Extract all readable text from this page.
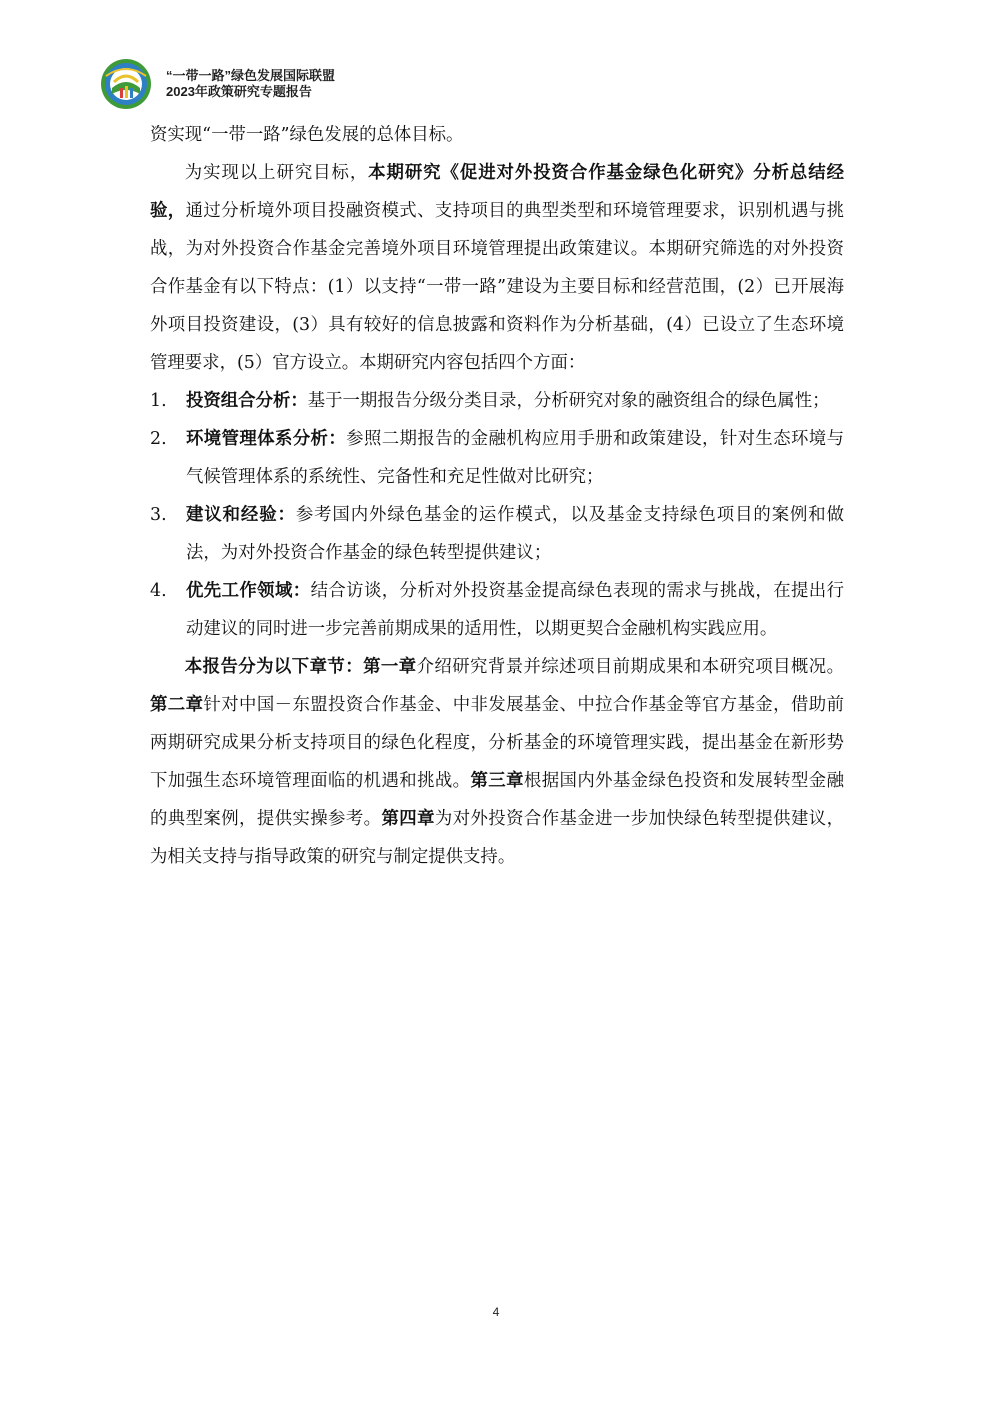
“一带一路”绿色发展国际联盟
2023年政策研究专题报告

资实现“一带一路”绿色发展的总体目标。

为实现以上研究目标，本期研究《促进对外投资合作基金绿色化研究》分析总结经验，通过分析境外项目投融资模式、支持项目的典型类型和环境管理要求，识别机遇与挑战，为对外投资合作基金完善境外项目环境管理提出政策建议。本期研究筛选的对外投资合作基金有以下特点：(1）以支持“一带一路”建设为主要目标和经营范围，(2）已开展海外项目投资建设，(3）具有较好的信息披露和资料作为分析基础，(4）已设立了生态环境管理要求，(5）官方设立。本期研究内容包括四个方面：

1.	投资组合分析：基于一期报告分级分类目录，分析研究对象的融资组合的绿色属性；
2.	环境管理体系分析：参照二期报告的金融机构应用手册和政策建设，针对生态环境与气候管理体系的系统性、完备性和充足性做对比研究；
3.	建议和经验：参考国内外绿色基金的运作模式，以及基金支持绿色项目的案例和做法，为对外投资合作基金的绿色转型提供建议；
4.	优先工作领域：结合访谈，分析对外投资基金提高绿色表现的需求与挑战，在提出行动建议的同时进一步完善前期成果的适用性，以期更契合金融机构实践应用。

本报告分为以下章节：第一章介绍研究背景并综述项目前期成果和本研究项目概况。第二章针对中国－东盟投资合作基金、中非发展基金、中拉合作基金等官方基金，借助前两期研究成果分析支持项目的绿色化程度，分析基金的环境管理实践，提出基金在新形势下加强生态环境管理面临的机遇和挑战。第三章根据国内外基金绿色投资和发展转型金融的典型案例，提供实操参考。第四章为对外投资合作基金进一步加快绿色转型提供建议，为相关支持与指导政策的研究与制定提供支持。

4
